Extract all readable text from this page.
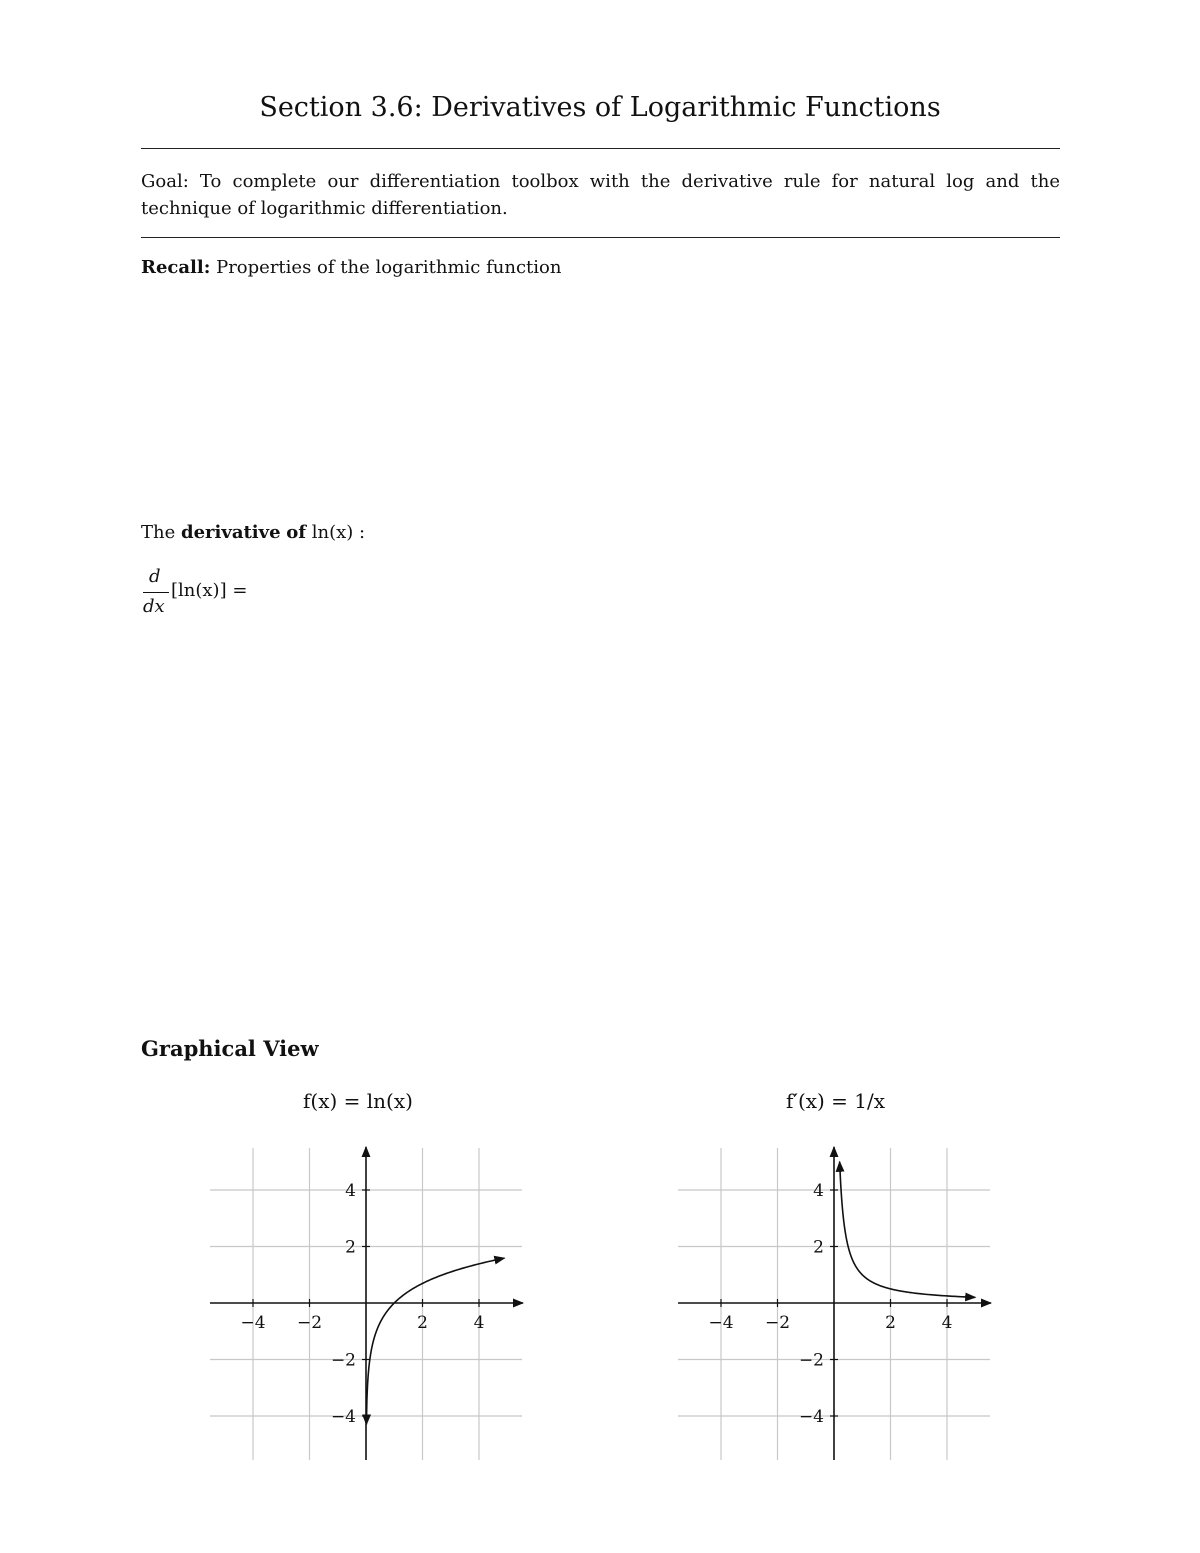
Section 3.6: Derivatives of Logarithmic Functions
Goal: To complete our differentiation toolbox with the derivative rule for natural log and the technique of logarithmic differentiation.
Recall: Properties of the logarithmic function
The derivative of ln(x) :
d
dx
[ln(x)] =
Graphical View
f(x) = ln(x)	f′(x) = 1/x
−4 −2	2	4
−4
−2
2
4
−4 −2	2	4
−4
−2
2
4
